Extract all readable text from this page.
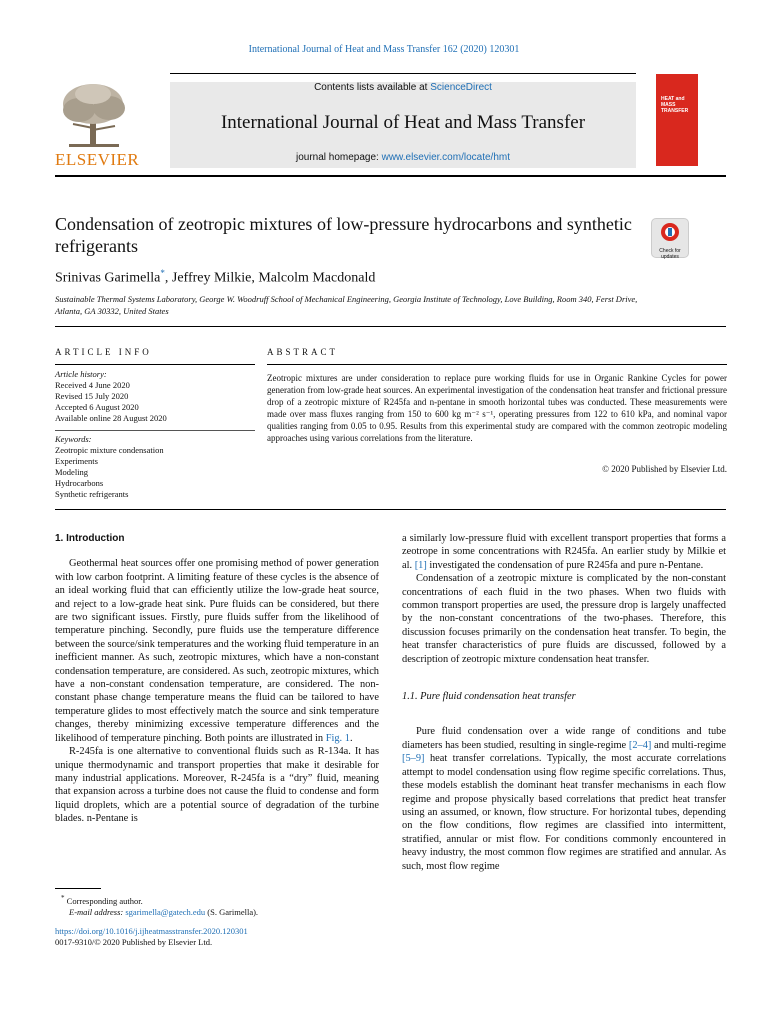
International Journal of Heat and Mass Transfer 162 (2020) 120301
ELSEVIER
Contents lists available at ScienceDirect
International Journal of Heat and Mass Transfer
journal homepage: www.elsevier.com/locate/hmt
HEAT and MASS TRANSFER
Condensation of zeotropic mixtures of low-pressure hydrocarbons and synthetic refrigerants	Check for updates
Srinivas Garimella*, Jeffrey Milkie, Malcolm Macdonald
Sustainable Thermal Systems Laboratory, George W. Woodruff School of Mechanical Engineering, Georgia Institute of Technology, Love Building, Room 340, Ferst Drive, Atlanta, GA 30332, United States
ARTICLE INFO
Article history:
Received 4 June 2020
Revised 15 July 2020
Accepted 6 August 2020
Available online 28 August 2020
Keywords:
Zeotropic mixture condensation
Experiments
Modeling
Hydrocarbons
Synthetic refrigerants
ABSTRACT
Zeotropic mixtures are under consideration to replace pure working fluids for use in Organic Rankine Cycles for power generation from low-grade heat sources. An experimental investigation of the condensation heat transfer and frictional pressure drop of a zeotropic mixture of R245fa and n-pentane in smooth horizontal tubes was conducted. These measurements were made over mass fluxes ranging from 150 to 600 kg m⁻² s⁻¹, operating pressures from 122 to 610 kPa, and nominal vapor qualities ranging from 0.05 to 0.95. Results from this experimental study are compared with the common zeotropic modeling approaches using various correlations from the literature.
© 2020 Published by Elsevier Ltd.
1. Introduction

Geothermal heat sources offer one promising method of power generation with low carbon footprint. A limiting feature of these cycles is the absence of an ideal working fluid that can efficiently utilize the low-grade heat source, and reject to a low-grade heat sink. Pure fluids can be considered, but there are two significant issues. Firstly, pure fluids suffer from the likelihood of temperature pinching. Secondly, pure fluids use the temperature difference between the source/sink temperatures and the working fluid temperature in an inefficient manner. As such, zeotropic mixtures, which have a non-constant condensation temperature, are considered. As such, zeotropic mixtures, which have a non-constant condensation temperature, are considered. The non-constant phase change temperature means the fluid can be tailored to have temperature glides to most effectively match the source and sink temperature changes, thereby minimizing excessive temperature differences and the likelihood of temperature pinching. Both points are illustrated in Fig. 1.

R-245fa is one alternative to conventional fluids such as R-134a. It has unique thermodynamic and transport properties that make it desirable for many industrial applications. Moreover, R-245fa is a “dry” fluid, meaning that expansion across a turbine does not cause the fluid to condense and form liquid droplets, which are a potential source of degradation of the turbine blades. n-Pentane is

* Corresponding author.
E-mail address: sgarimella@gatech.edu (S. Garimella).
https://doi.org/10.1016/j.ijheatmasstransfer.2020.120301
0017-9310/© 2020 Published by Elsevier Ltd.

a similarly low-pressure fluid with excellent transport properties that forms a zeotrope in some concentrations with R245fa. An earlier study by Milkie et al. [1] investigated the condensation of pure R245fa and pure n-Pentane.

Condensation of a zeotropic mixture is complicated by the non-constant concentrations of each fluid in the two phases. When two fluids with common transport properties are used, the pressure drop is largely unaffected by the non-constant concentrations of the two-phases. Therefore, this discussion focuses primarily on the condensation heat transfer. To begin, the heat transfer characteristics of pure fluids are discussed, followed by a description of zeotropic mixture condensation heat transfer.

1.1. Pure fluid condensation heat transfer

Pure fluid condensation over a wide range of conditions and tube diameters has been studied, resulting in single-regime [2–4] and multi-regime [5–9] heat transfer correlations. Typically, the most accurate correlations attempt to model condensation using flow regime specific correlations. Thus, these models establish the dominant heat transfer mechanisms in each flow regime and propose physically based correlations that predict heat transfer using an assumed, or known, flow structure. For horizontal tubes, depending on the flow conditions, flow regimes are classified into intermittent, stratified, annular or mist flow. For conditions commonly encountered in heavy industry, the most common flow regimes are stratified and annular. As such, most flow regime
